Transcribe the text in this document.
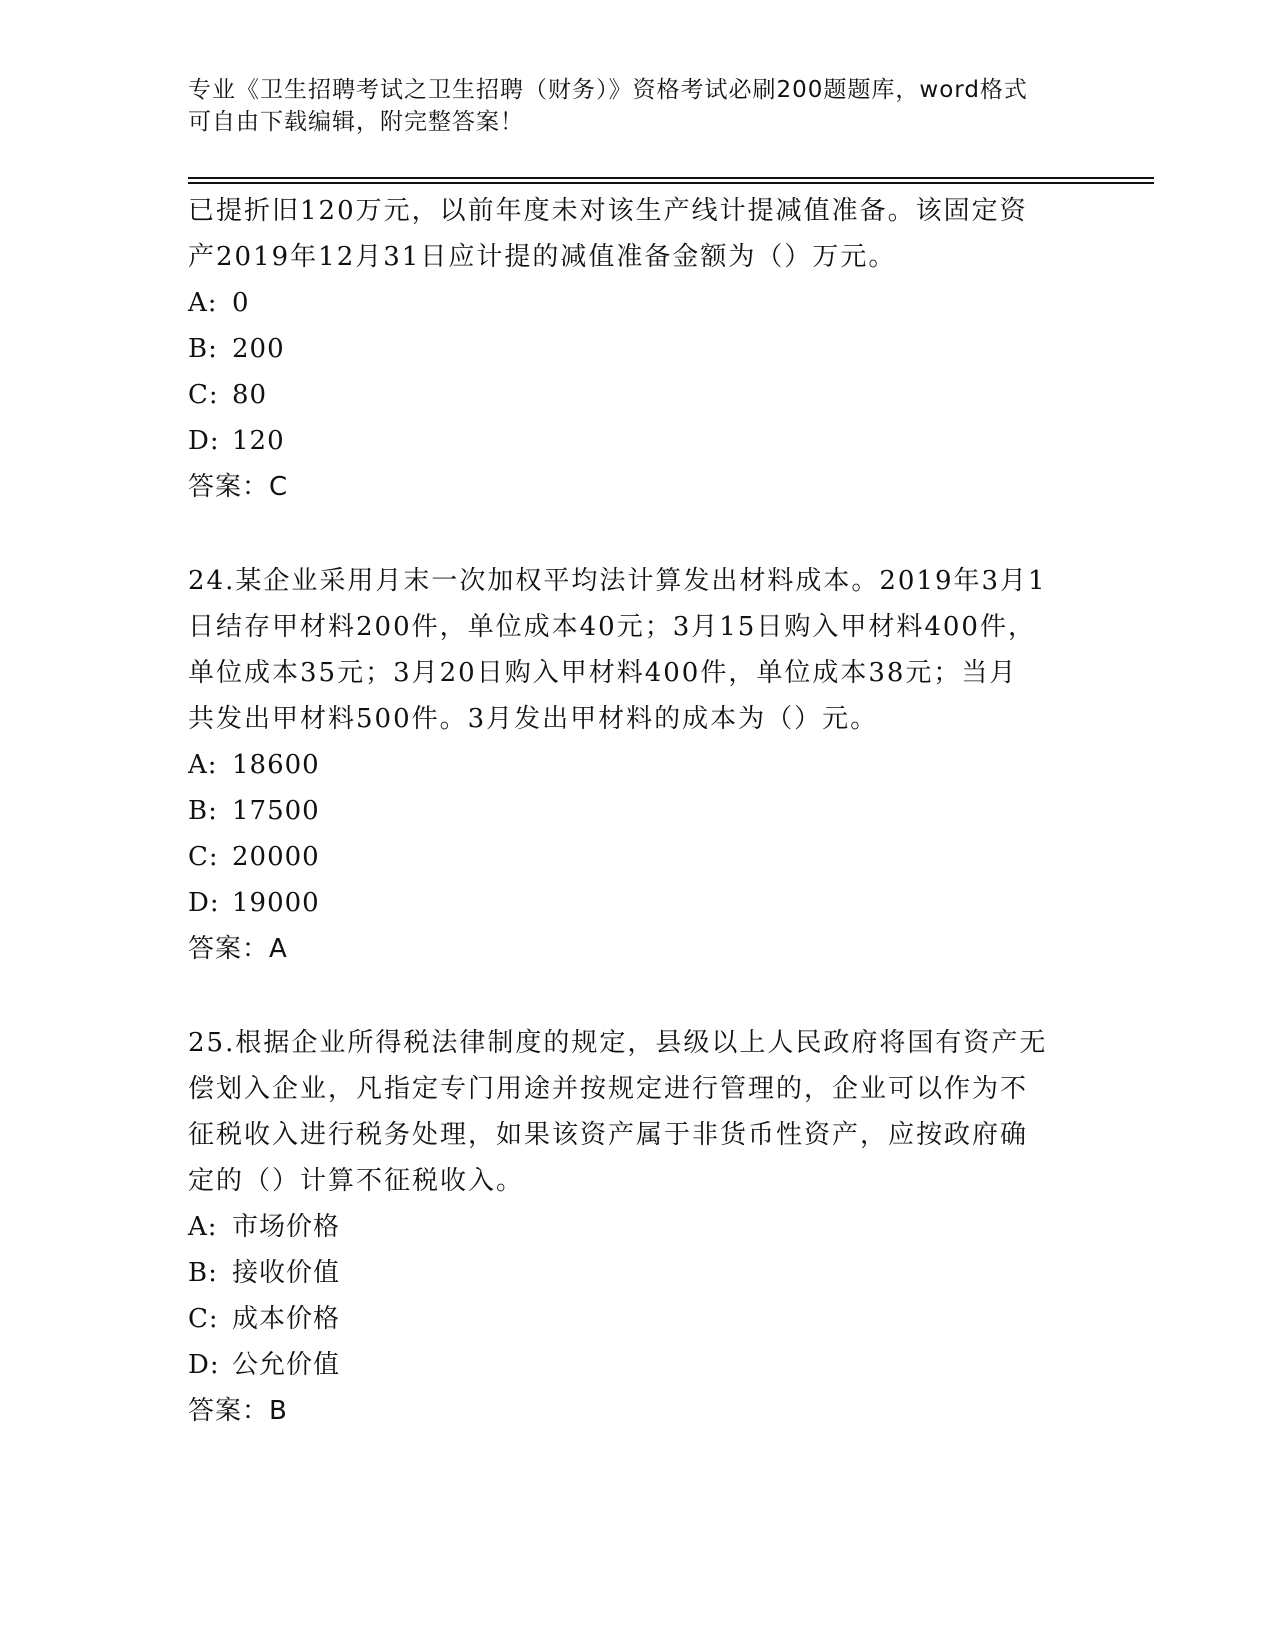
专业《卫生招聘考试之卫生招聘（财务）》资格考试必刷200题题库，word格式
可自由下载编辑，附完整答案！
已提折旧120万元，以前年度未对该生产线计提减值准备。该固定资
产2019年12月31日应计提的减值准备金额为（）万元。
A: 0
B: 200
C: 80
D: 120
答案：C
24.某企业采用月末一次加权平均法计算发出材料成本。2019年3月1
日结存甲材料200件，单位成本40元；3月15日购入甲材料400件，
单位成本35元；3月20日购入甲材料400件，单位成本38元；当月
共发出甲材料500件。3月发出甲材料的成本为（）元。
A: 18600
B: 17500
C: 20000
D: 19000
答案：A
25.根据企业所得税法律制度的规定，县级以上人民政府将国有资产无
偿划入企业，凡指定专门用途并按规定进行管理的，企业可以作为不
征税收入进行税务处理，如果该资产属于非货币性资产，应按政府确
定的（）计算不征税收入。
A: 市场价格
B: 接收价值
C: 成本价格
D: 公允价值
答案：B
